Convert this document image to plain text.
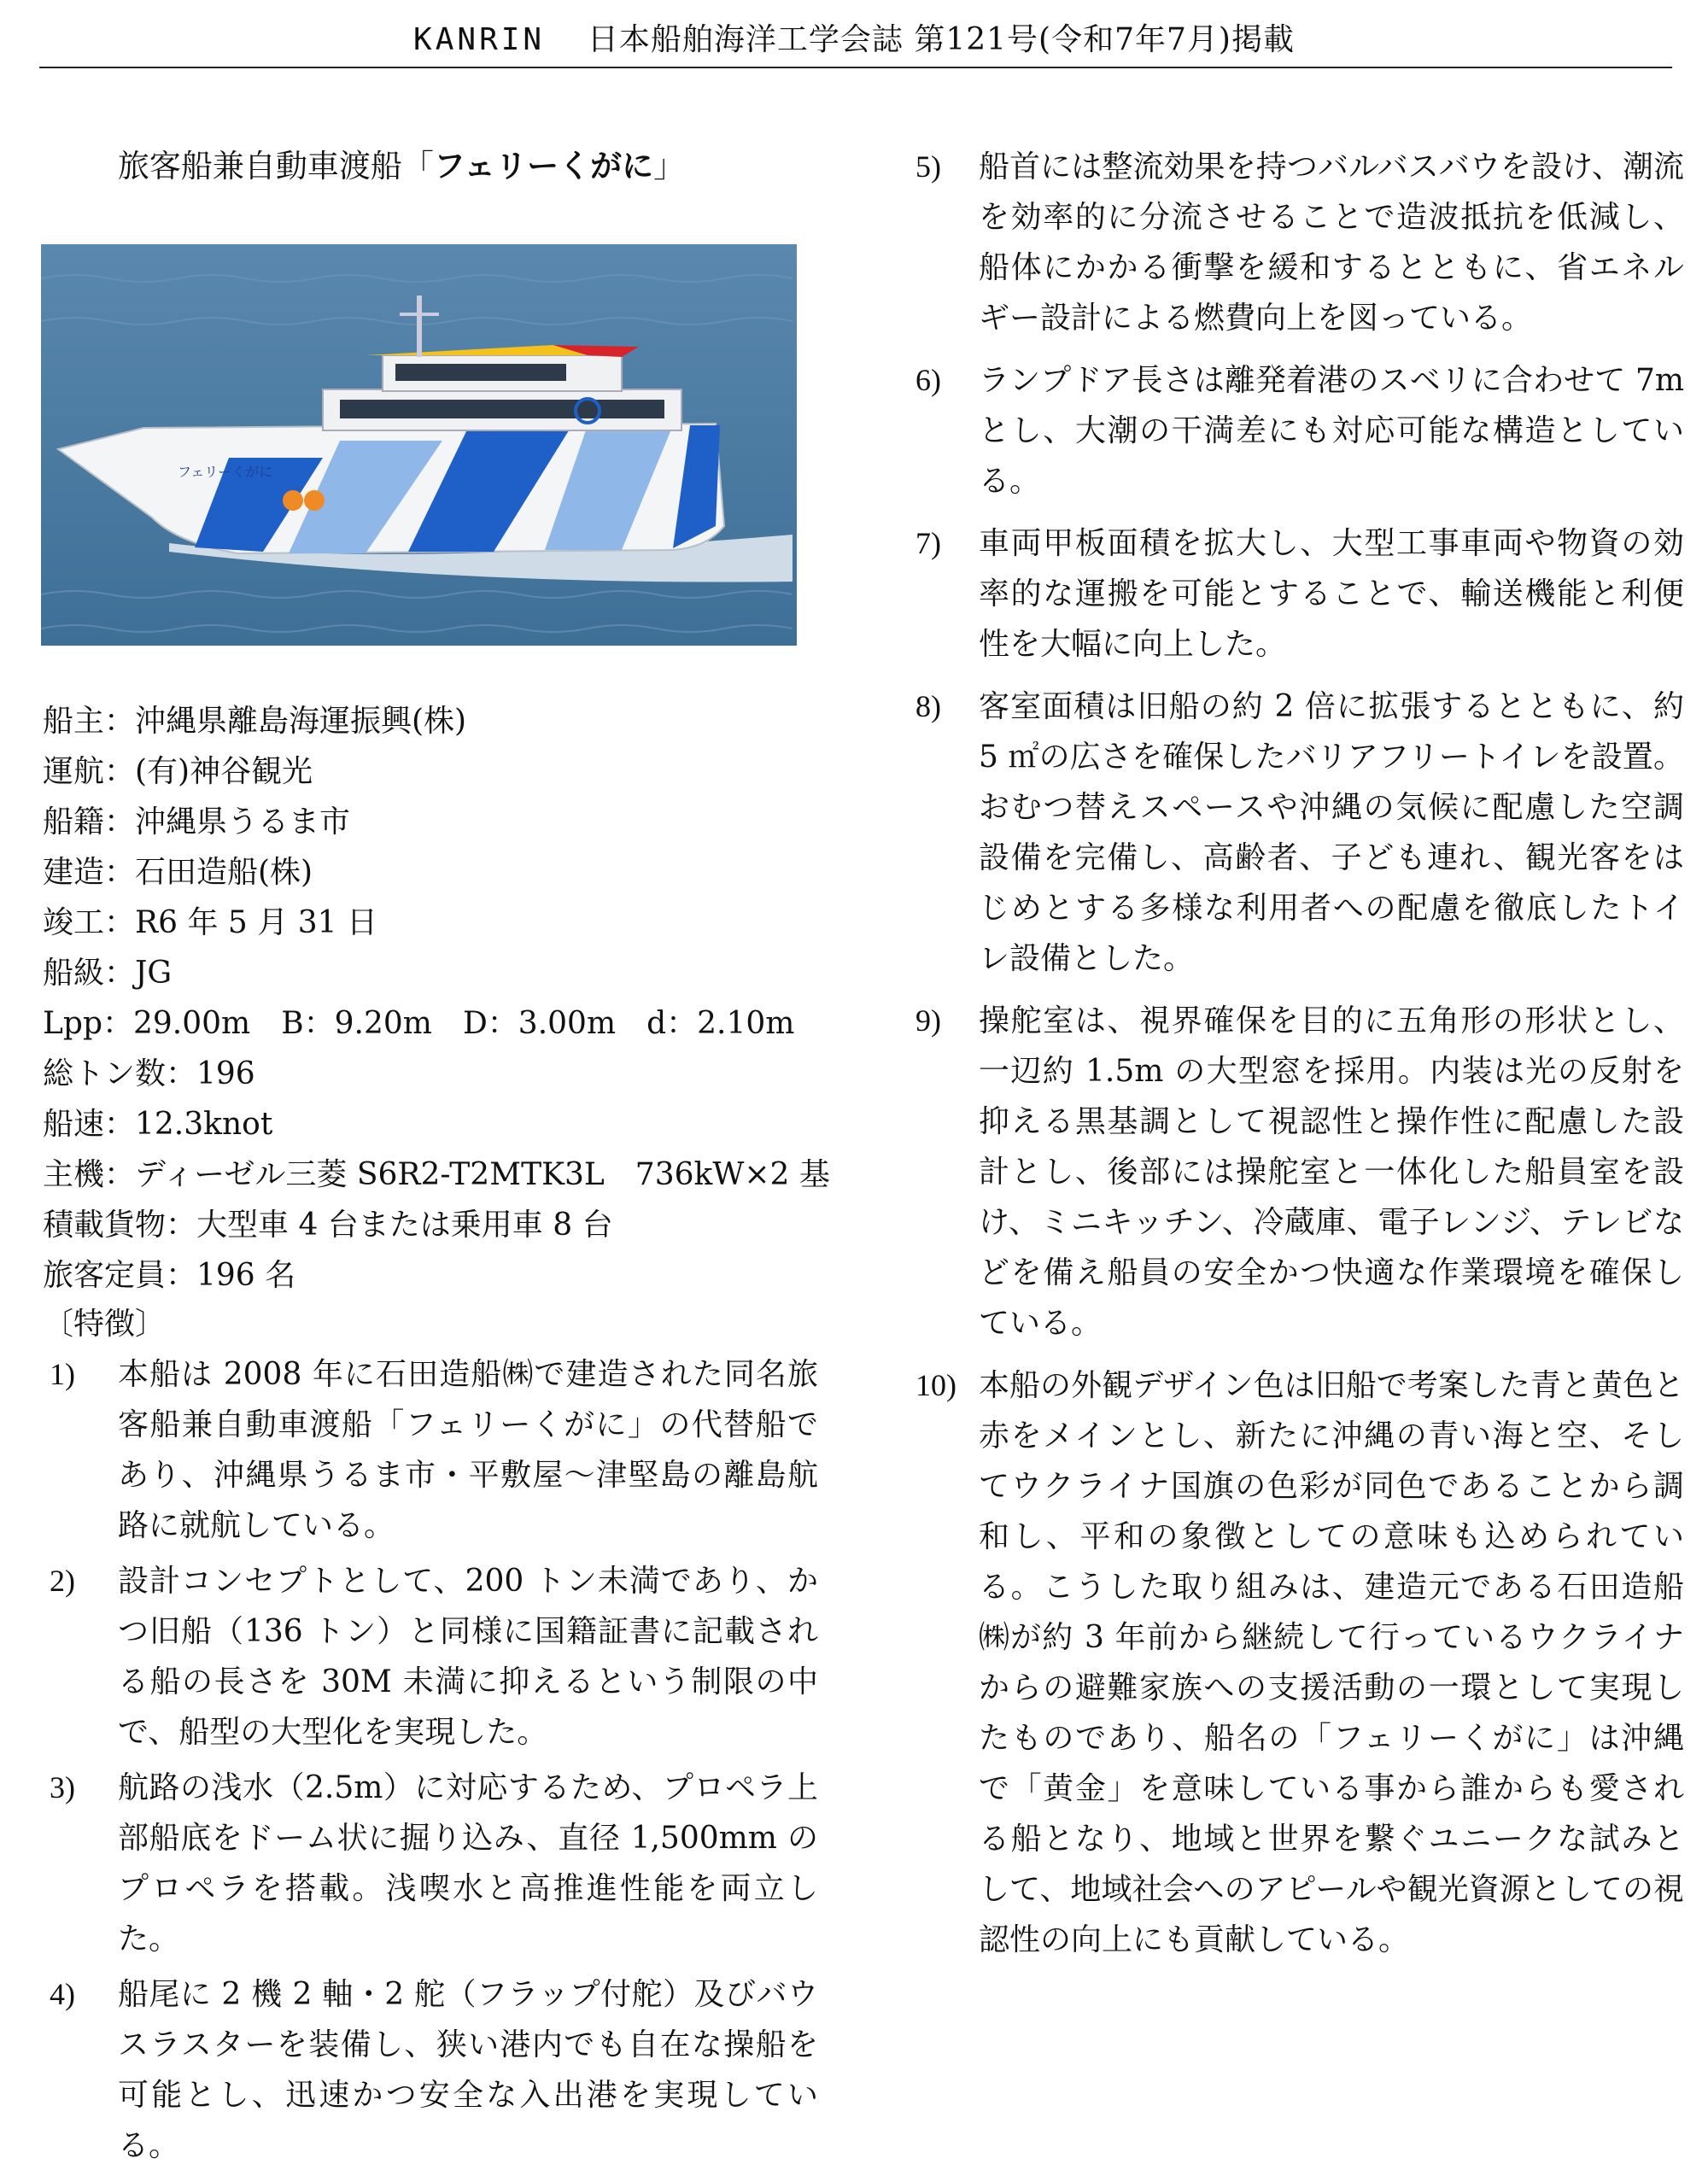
KANRIN 日本船舶海洋工学会誌 第121号(令和7年7月)掲載
旅客船兼自動車渡船「フェリーくがに」
フェリーくがに
船主：沖縄県離島海運振興(株)
運航：(有)神谷観光
船籍：沖縄県うるま市
建造：石田造船(株)
竣工：R6 年 5 月 31 日
船級：JG
Lpp：29.00m　B：9.20m　D：3.00m　d：2.10m
総トン数：196
船速：12.3knot
主機：ディーゼル三菱 S6R2-T2MTK3L　736kW×2 基
積載貨物：大型車 4 台または乗用車 8 台
旅客定員：196 名
〔特徴〕
1) 本船は 2008 年に石田造船㈱で建造された同名旅客船兼自動車渡船「フェリーくがに」の代替船であり、沖縄県うるま市・平敷屋～津堅島の離島航路に就航している。
2) 設計コンセプトとして、200 トン未満であり、かつ旧船（136 トン）と同様に国籍証書に記載される船の長さを 30M 未満に抑えるという制限の中で、船型の大型化を実現した。
3) 航路の浅水（2.5m）に対応するため、プロペラ上部船底をドーム状に掘り込み、直径 1,500mm のプロペラを搭載。浅喫水と高推進性能を両立した。
4) 船尾に 2 機 2 軸・2 舵（フラップ付舵）及びバウスラスターを装備し、狭い港内でも自在な操船を可能とし、迅速かつ安全な入出港を実現している。
5) 船首には整流効果を持つバルバスバウを設け、潮流を効率的に分流させることで造波抵抗を低減し、船体にかかる衝撃を緩和するとともに、省エネルギー設計による燃費向上を図っている。
6) ランプドア長さは離発着港のスベリに合わせて 7m とし、大潮の干満差にも対応可能な構造としている。
7) 車両甲板面積を拡大し、大型工事車両や物資の効率的な運搬を可能とすることで、輸送機能と利便性を大幅に向上した。
8) 客室面積は旧船の約 2 倍に拡張するとともに、約 5 ㎡の広さを確保したバリアフリートイレを設置。おむつ替えスペースや沖縄の気候に配慮した空調設備を完備し、高齢者、子ども連れ、観光客をはじめとする多様な利用者への配慮を徹底したトイレ設備とした。
9) 操舵室は、視界確保を目的に五角形の形状とし、一辺約 1.5m の大型窓を採用。内装は光の反射を抑える黒基調として視認性と操作性に配慮した設計とし、後部には操舵室と一体化した船員室を設け、ミニキッチン、冷蔵庫、電子レンジ、テレビなどを備え船員の安全かつ快適な作業環境を確保している。
10) 本船の外観デザイン色は旧船で考案した青と黄色と赤をメインとし、新たに沖縄の青い海と空、そしてウクライナ国旗の色彩が同色であることから調和し、平和の象徴としての意味も込められている。こうした取り組みは、建造元である石田造船㈱が約 3 年前から継続して行っているウクライナからの避難家族への支援活動の一環として実現したものであり、船名の「フェリーくがに」は沖縄で「黄金」を意味している事から誰からも愛される船となり、地域と世界を繋ぐユニークな試みとして、地域社会へのアピールや観光資源としての視認性の向上にも貢献している。
